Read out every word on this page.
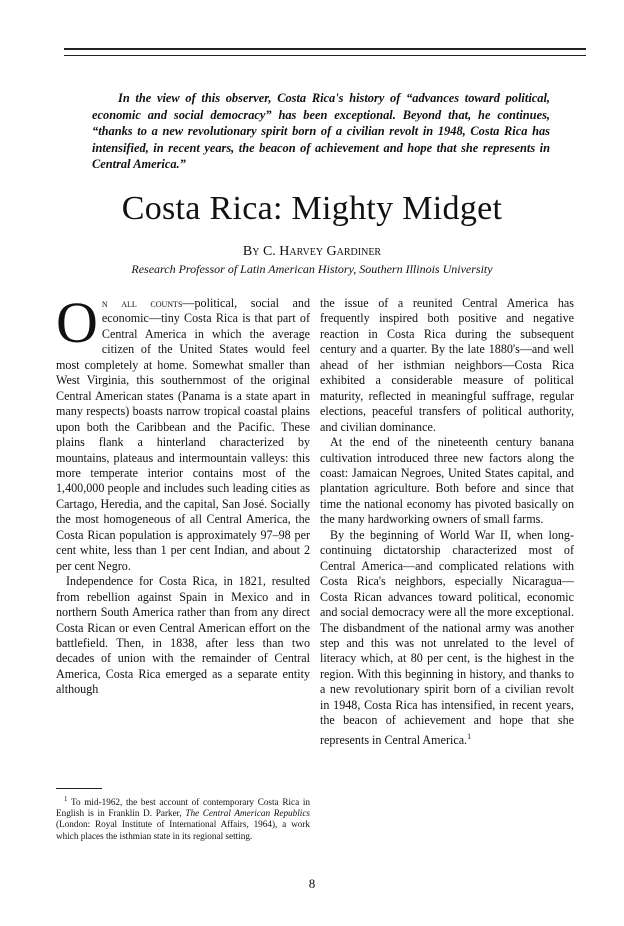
In the view of this observer, Costa Rica's history of “advances toward political, economic and social democracy” has been exceptional. Beyond that, he continues, “thanks to a new revolutionary spirit born of a civilian revolt in 1948, Costa Rica has intensified, in recent years, the beacon of achievement and hope that she represents in Central America.”

Costa Rica: Mighty Midget

By C. Harvey Gardiner

Research Professor of Latin American History, Southern Illinois University

On all counts—political, social and economic—tiny Costa Rica is that part of Central America in which the average citizen of the United States would feel most completely at home. Somewhat smaller than West Virginia, this southernmost of the original Central American states (Panama is a state apart in many respects) boasts narrow tropical coastal plains upon both the Caribbean and the Pacific. These plains flank a hinterland characterized by mountains, plateaus and intermountain valleys: this more temperate interior contains most of the 1,400,000 people and includes such leading cities as Cartago, Heredia, and the capital, San José. Socially the most homogeneous of all Central America, the Costa Rican population is approximately 97–98 per cent white, less than 1 per cent Indian, and about 2 per cent Negro.

Independence for Costa Rica, in 1821, resulted from rebellion against Spain in Mexico and in northern South America rather than from any direct Costa Rican or even Central American effort on the battlefield. Then, in 1838, after less than two decades of union with the remainder of Central America, Costa Rica emerged as a separate entity although

the issue of a reunited Central America has frequently inspired both positive and negative reaction in Costa Rica during the subsequent century and a quarter. By the late 1880's—and well ahead of her isthmian neighbors—Costa Rica exhibited a considerable measure of political maturity, reflected in meaningful suffrage, regular elections, peaceful transfers of political authority, and civilian dominance.

At the end of the nineteenth century banana cultivation introduced three new factors along the coast: Jamaican Negroes, United States capital, and plantation agriculture. Both before and since that time the national economy has pivoted basically on the many hardworking owners of small farms.

By the beginning of World War II, when long-continuing dictatorship characterized most of Central America—and complicated relations with Costa Rica's neighbors, especially Nicaragua—Costa Rican advances toward political, economic and social democracy were all the more exceptional. The disbandment of the national army was another step and this was not unrelated to the level of literacy which, at 80 per cent, is the highest in the region. With this beginning in history, and thanks to a new revolutionary spirit born of a civilian revolt in 1948, Costa Rica has intensified, in recent years, the beacon of achievement and hope that she represents in Central America.$^1$

$^1$ To mid-1962, the best account of contemporary Costa Rica in English is in Franklin D. Parker, The Central American Republics (London: Royal Institute of International Affairs, 1964), a work which places the isthmian state in its regional setting.

8
